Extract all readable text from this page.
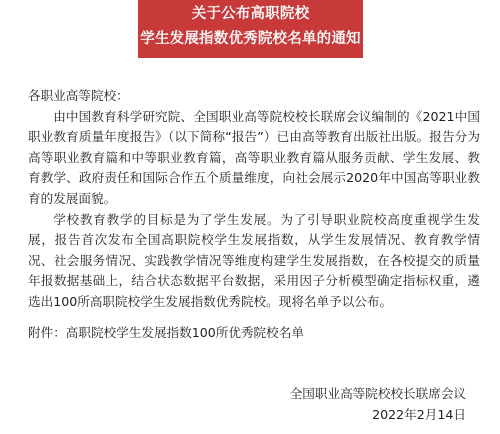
关于公布高职院校
学生发展指数优秀院校名单的通知

各职业高等院校：

由中国教育科学研究院、全国职业高等院校校长联席会议编制的《2021中国职业教育质量年度报告》（以下简称“报告”）已由高等教育出版社出版。报告分为高等职业教育篇和中等职业教育篇，高等职业教育篇从服务贡献、学生发展、教育教学、政府责任和国际合作五个质量维度，向社会展示2020年中国高等职业教育的发展面貌。

学校教育教学的目标是为了学生发展。为了引导职业院校高度重视学生发展，报告首次发布全国高职院校学生发展指数，从学生发展情况、教育教学情况、社会服务情况、实践教学情况等维度构建学生发展指数，在各校提交的质量年报数据基础上，结合状态数据平台数据，采用因子分析模型确定指标权重，遴选出100所高职院校学生发展指数优秀院校。现将名单予以公布。

附件：高职院校学生发展指数100所优秀院校名单

全国职业高等院校校长联席会议
2022年2月14日
